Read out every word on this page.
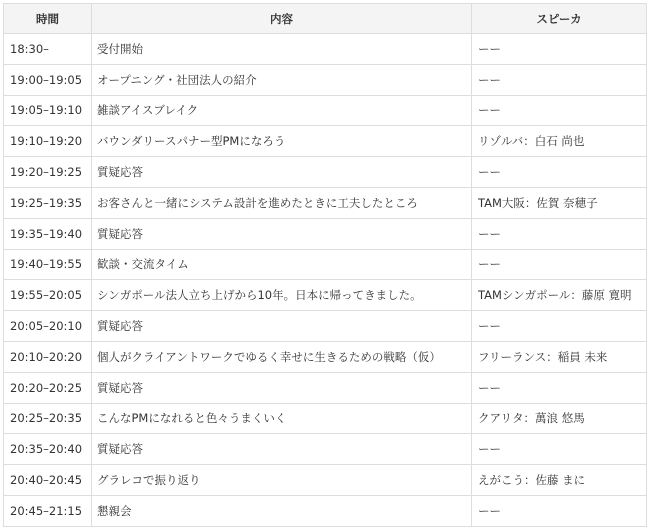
時間	内容	スピーカ
18:30–	受付開始	ーー
19:00–19:05	オープニング・社団法人の紹介	ーー
19:05–19:10	雑談アイスブレイク	ーー
19:10–19:20	バウンダリースパナー型PMになろう	リゾルバ：白石 尚也
19:20–19:25	質疑応答	ーー
19:25–19:35	お客さんと一緒にシステム設計を進めたときに工夫したところ	TAM大阪：佐賀 奈穂子
19:35–19:40	質疑応答	ーー
19:40–19:55	歓談・交流タイム	ーー
19:55–20:05	シンガポール法人立ち上げから10年。日本に帰ってきました。	TAMシンガポール：藤原 寛明
20:05–20:10	質疑応答	ーー
20:10–20:20	個人がクライアントワークでゆるく幸せに生きるための戦略（仮）	フリーランス：稲員 未来
20:20–20:25	質疑応答	ーー
20:25–20:35	こんなPMになれると色々うまくいく	クアリタ：萬浪 悠馬
20:35–20:40	質疑応答	ーー
20:40–20:45	グラレコで振り返り	えがこう：佐藤 まに
20:45–21:15	懇親会	ーー
